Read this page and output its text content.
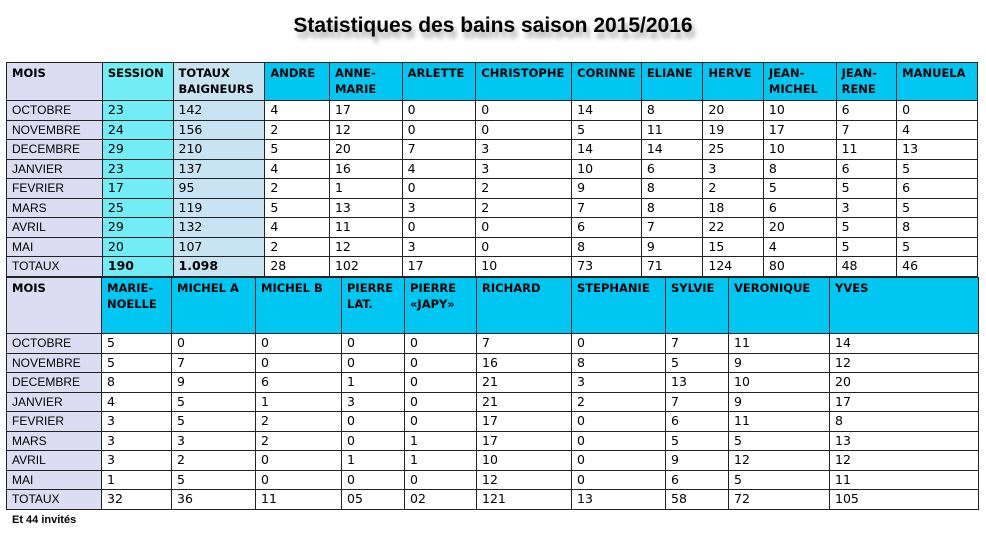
Statistiques des bains saison 2015/2016
MOIS	SESSION	TOTAUX BAIGNEURS	ANDRE	ANNE-MARIE	ARLETTE	CHRISTOPHE	CORINNE	ELIANE	HERVE	JEAN-MICHEL	JEAN-RENE	MANUELA
OCTOBRE	23	142	4	17	0	0	14	8	20	10	6	0
NOVEMBRE	24	156	2	12	0	0	5	11	19	17	7	4
DECEMBRE	29	210	5	20	7	3	14	14	25	10	11	13
JANVIER	23	137	4	16	4	3	10	6	3	8	6	5
FEVRIER	17	95	2	1	0	2	9	8	2	5	5	6
MARS	25	119	5	13	3	2	7	8	18	6	3	5
AVRIL	29	132	4	11	0	0	6	7	22	20	5	8
MAI	20	107	2	12	3	0	8	9	15	4	5	5
TOTAUX	190	1.098	28	102	17	10	73	71	124	80	48	46
MOIS	MARIE-NOELLE	MICHEL A	MICHEL B	PIERRE LAT.	PIERRE «JAPY»	RICHARD	STEPHANIE	SYLVIE	VERONIQUE	YVES
OCTOBRE	5	0	0	0	0	7	0	7	11	14
NOVEMBRE	5	7	0	0	0	16	8	5	9	12
DECEMBRE	8	9	6	1	0	21	3	13	10	20
JANVIER	4	5	1	3	0	21	2	7	9	17
FEVRIER	3	5	2	0	0	17	0	6	11	8
MARS	3	3	2	0	1	17	0	5	5	13
AVRIL	3	2	0	1	1	10	0	9	12	12
MAI	1	5	0	0	0	12	0	6	5	11
TOTAUX	32	36	11	05	02	121	13	58	72	105
Et 44 invités
